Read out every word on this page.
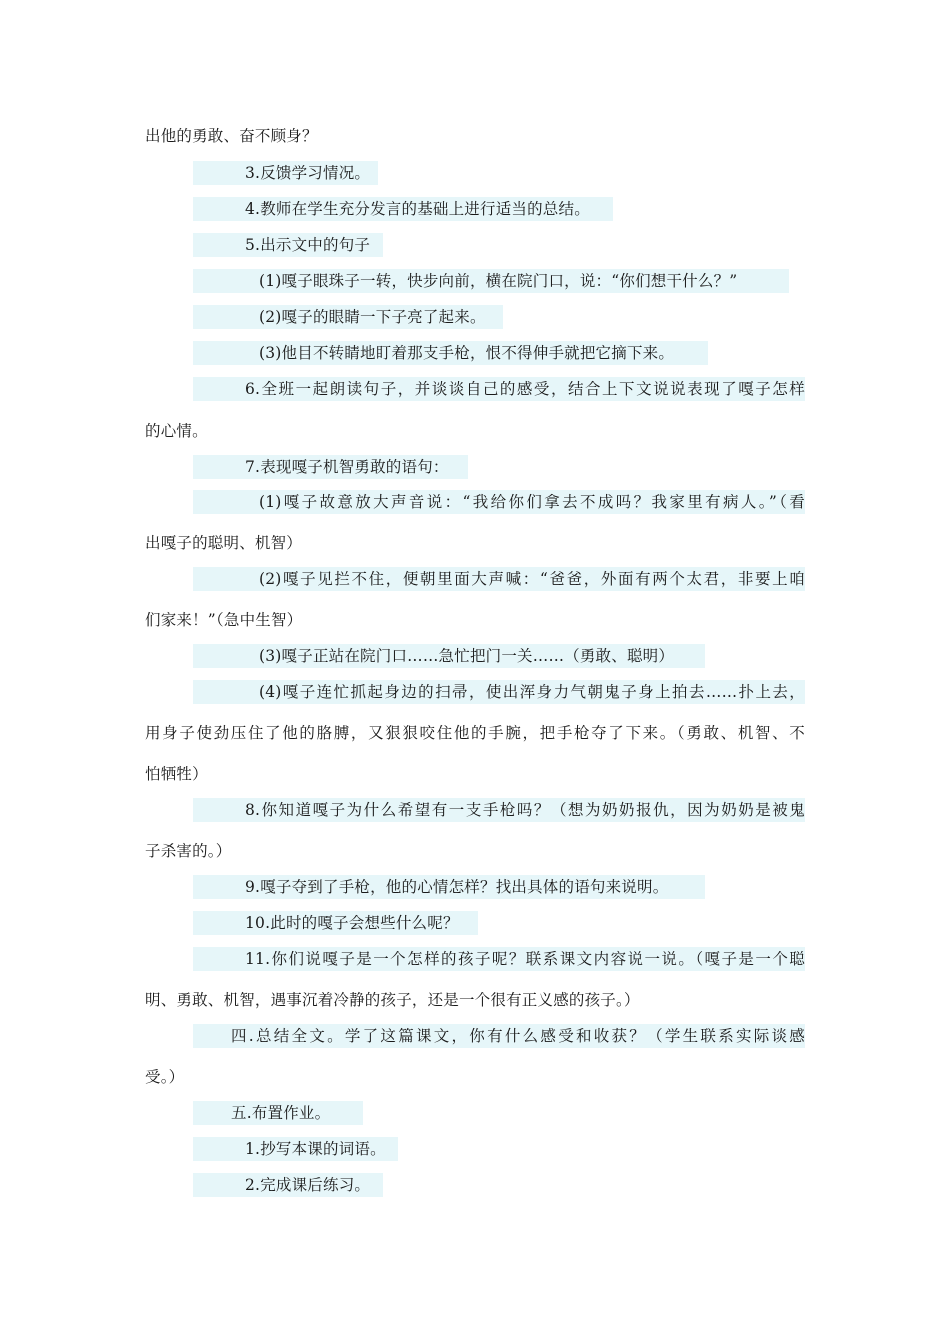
出他的勇敢、奋不顾身？
3.反馈学习情况。
4.教师在学生充分发言的基础上进行适当的总结。
5.出示文中的句子
(1)嘎子眼珠子一转，快步向前，横在院门口，说：“你们想干什么？”
(2)嘎子的眼睛一下子亮了起来。
(3)他目不转睛地盯着那支手枪，恨不得伸手就把它摘下来。
6.全班一起朗读句子，并谈谈自己的感受，结合上下文说说表现了嘎子怎样
的心情。
7.表现嘎子机智勇敢的语句：
(1)嘎子故意放大声音说：“我给你们拿去不成吗？我家里有病人。”（看
出嘎子的聪明、机智）
(2)嘎子见拦不住，便朝里面大声喊：“爸爸，外面有两个太君，非要上咱
们家来！”（急中生智）
(3)嘎子正站在院门口……急忙把门一关……（勇敢、聪明）
(4)嘎子连忙抓起身边的扫帚，使出浑身力气朝鬼子身上拍去……扑上去，
用身子使劲压住了他的胳膊，又狠狠咬住他的手腕，把手枪夺了下来。（勇敢、机智、不
怕牺牲）
8.你知道嘎子为什么希望有一支手枪吗？（想为奶奶报仇，因为奶奶是被鬼
子杀害的。）
9.嘎子夺到了手枪，他的心情怎样？找出具体的语句来说明。
10.此时的嘎子会想些什么呢？
11.你们说嘎子是一个怎样的孩子呢？联系课文内容说一说。（嘎子是一个聪
明、勇敢、机智，遇事沉着冷静的孩子，还是一个很有正义感的孩子。）
四.总结全文。学了这篇课文，你有什么感受和收获？（学生联系实际谈感
受。）
五.布置作业。
1.抄写本课的词语。
2.完成课后练习。
